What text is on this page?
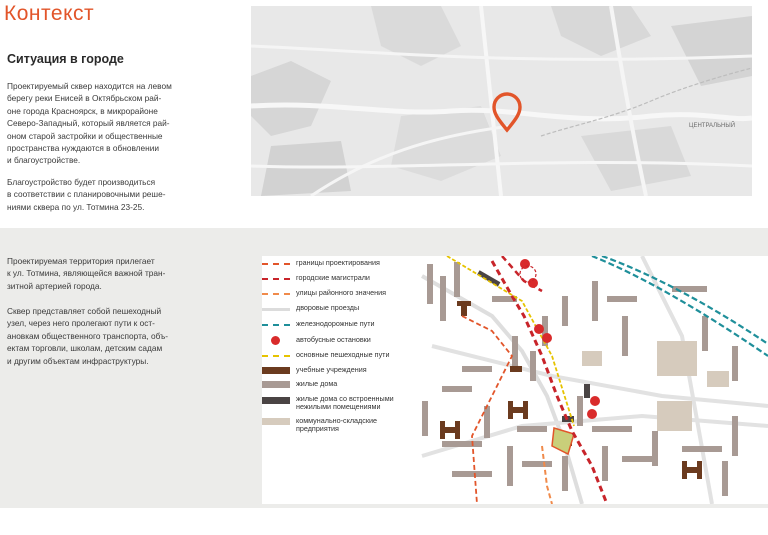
Контекст
Ситуация в городе

Проектируемый сквер находится на левом
берегу реки Енисей в Октябрьском рай-
оне города Красноярск, в микрорайоне
Северо-Западный, который является рай-
оном старой застройки и общественные
пространства нуждаются в обновлении
и благоустройстве.

Благоустройство будет производиться
в соответствии с планировочными реше-
ниями сквера по ул. Тотмина 23-25.

ЦЕНТРАЛЬНЫЙ

Проектируемая территория прилегает
к ул. Тотмина, являющейся важной тран-
зитной артерией города.

Сквер представляет собой пешеходный
узел, через него пролегают пути к ост-
ановкам общественного транспорта, объ-
ектам торговли, школам, детским садам
и другим объектам инфраструктуры.

границы проектирования
городские магистрали
улицы районного значения
дворовые проезды
железнодорожные пути
автобусные остановки
основные пешеходные пути
учебные учреждения
жилые дома
жилые дома со встроенными
нежилыми помещениями
коммунально-складские
предприятия
